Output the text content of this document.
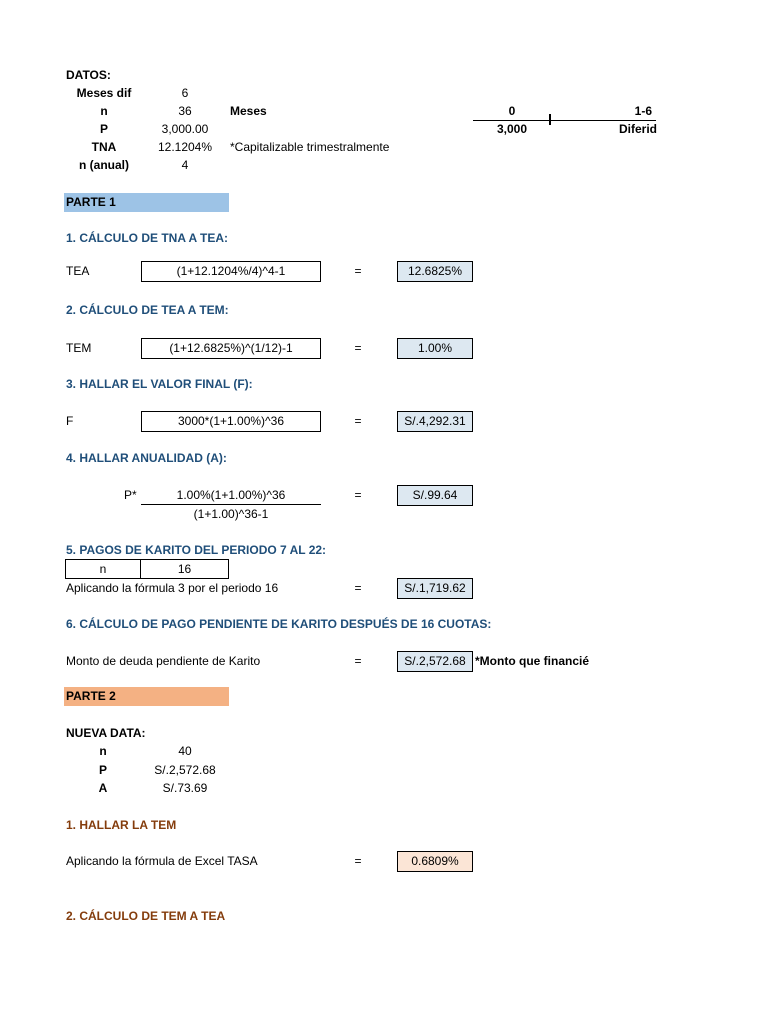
DATOS:
Meses dif	6
n	36	Meses
P	3,000.00
TNA	12.1204%	*Capitalizable trimestralmente
n (anual)	4
0	1-6
3,000	Diferid
PARTE 1
1. CÁLCULO DE TNA A TEA:
TEA	(1+12.1204%/4)^4-1	=	12.6825%
2. CÁLCULO DE TEA A TEM:
TEM	(1+12.6825%)^(1/12)-1	=	1.00%
3. HALLAR EL VALOR FINAL (F):
F	3000*(1+1.00%)^36	=	S/.4,292.31
4. HALLAR ANUALIDAD (A):
P*	1.00%(1+1.00%)^36
(1+1.00)^36-1
=	S/.99.64
5. PAGOS DE KARITO DEL PERIODO 7 AL 22:
n	16
Aplicando la fórmula 3 por el periodo 16	=	S/.1,719.62
6. CÁLCULO DE PAGO PENDIENTE DE KARITO DESPUÉS DE 16 CUOTAS:
Monto de deuda pendiente de Karito	=	S/.2,572.68 *Monto que financié
PARTE 2
NUEVA DATA:
n	40
P	S/.2,572.68
A	S/.73.69
1. HALLAR LA TEM
Aplicando la fórmula de Excel TASA	=	0.6809%
2. CÁLCULO DE TEM A TEA
